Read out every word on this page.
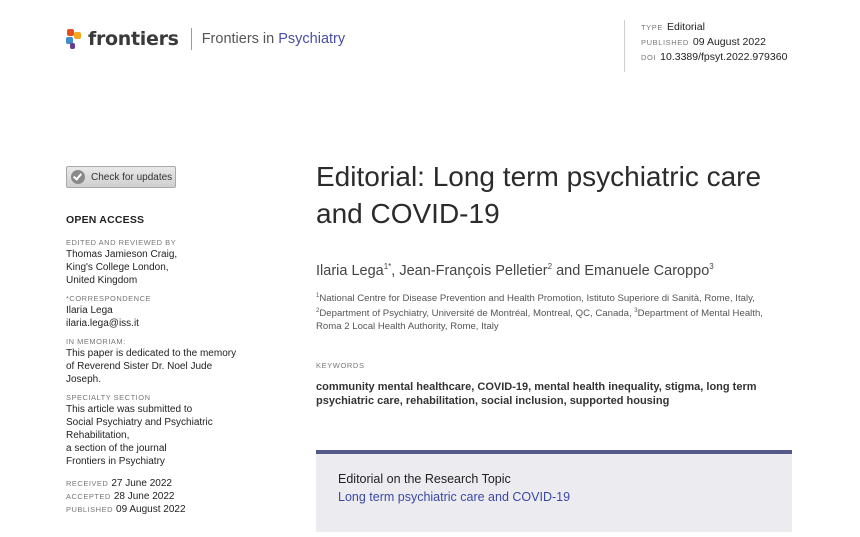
frontiers Frontiers in Psychiatry
TYPE Editorial
PUBLISHED 09 August 2022
DOI 10.3389/fpsyt.2022.979360
Check for updates
OPEN ACCESS
EDITED AND REVIEWED BY
Thomas Jamieson Craig,
King's College London,
United Kingdom
*CORRESPONDENCE
Ilaria Lega
ilaria.lega@iss.it
IN MEMORIAM:
This paper is dedicated to the memory
of Reverend Sister Dr. Noel Jude
Joseph.
SPECIALTY SECTION
This article was submitted to
Social Psychiatry and Psychiatric
Rehabilitation,
a section of the journal
Frontiers in Psychiatry
RECEIVED 27 June 2022
ACCEPTED 28 June 2022
PUBLISHED 09 August 2022
Editorial: Long term psychiatric care and COVID-19
Ilaria Lega$^{1*}$, Jean-François Pelletier$^2$ and Emanuele Caroppo$^3$
$^1$National Centre for Disease Prevention and Health Promotion, Istituto Superiore di Sanità, Rome, Italy, $^2$Department of Psychiatry, Université de Montréal, Montreal, QC, Canada, $^3$Department of Mental Health, Roma 2 Local Health Authority, Rome, Italy
KEYWORDS
community mental healthcare, COVID-19, mental health inequality, stigma, long term psychiatric care, rehabilitation, social inclusion, supported housing
Editorial on the Research Topic
Long term psychiatric care and COVID-19
